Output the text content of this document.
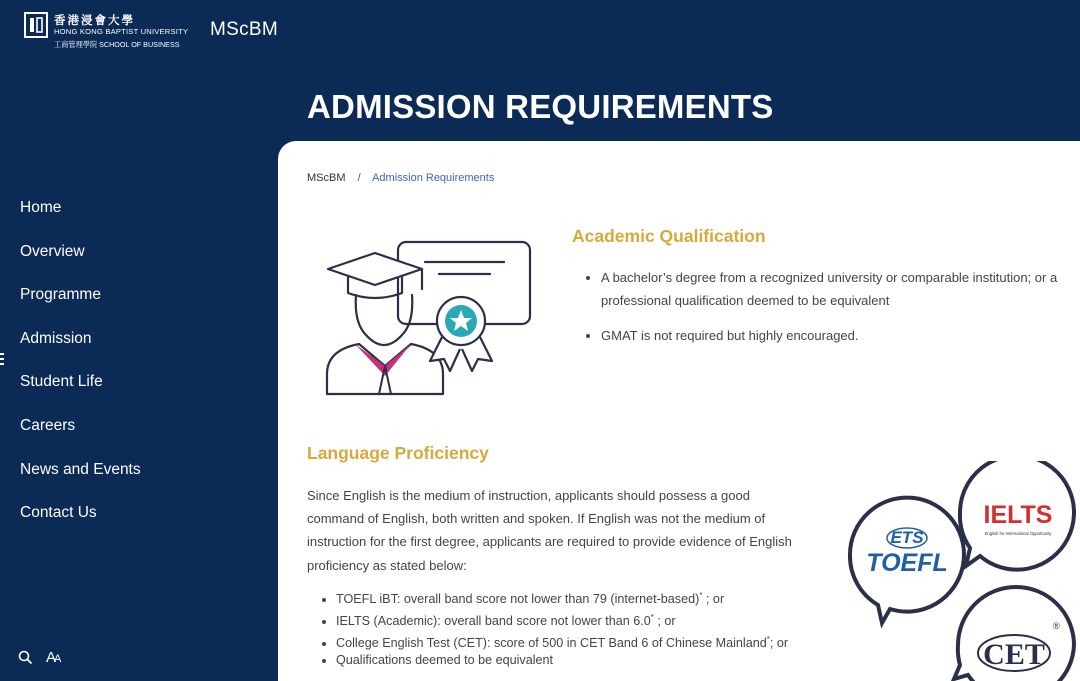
香港浸會大學
HONG KONG BAPTIST UNIVERSITY
工商管理學院 SCHOOL OF BUSINESS
MScBM
ADMISSION REQUIREMENTS
Home
Overview
Programme
Admission
Student Life
Careers
News and Events
Contact Us
A
A
MScBM / Admission Requirements
Academic Qualification
• A bachelor’s degree from a recognized university or comparable institution; or a professional qualification deemed to be equivalent
• GMAT is not required but highly encouraged.
Language Proficiency

Since English is the medium of instruction, applicants should possess a good command of English, both written and spoken. If English was not the medium of instruction for the first degree, applicants are required to provide evidence of English proficiency as stated below:

• TOEFL iBT: overall band score not lower than 79 (internet-based)* ; or
• IELTS (Academic): overall band score not lower than 6.0* ; or
• College English Test (CET): score of 500 in CET Band 6 of Chinese Mainland*; or
• Qualifications deemed to be equivalent
ETS
TOEFL
IELTS
English for International Opportunity
CET
®
